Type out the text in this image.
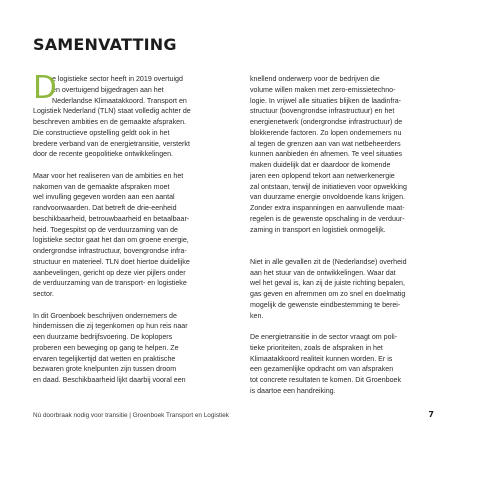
SAMENVATTING
D
e logistieke sector heeft in 2019 overtuigd
en overtuigend bijgedragen aan het
Nederlandse Klimaatakkoord. Transport en
Logistiek Nederland (TLN) staat volledig achter de
beschreven ambities en de gemaakte afspraken.
Die constructieve opstelling geldt ook in het
bredere verband van de energietransitie, versterkt
door de recente geopolitieke ontwikkelingen.
Maar voor het realiseren van de ambities en het
nakomen van de gemaakte afspraken moet
wel invulling gegeven worden aan een aantal
randvoorwaarden. Dat betreft de drie-eenheid
beschikbaarheid, betrouwbaarheid en betaalbaar-
heid. Toegespitst op de verduurzaming van de
logistieke sector gaat het dan om groene energie,
ondergrondse infrastructuur, bovengrondse infra-
structuur en materieel. TLN doet hiertoe duidelijke
aanbevelingen, gericht op deze vier pijlers onder
de verduurzaming van de transport- en logistieke
sector.
In dit Groenboek beschrijven ondernemers de
hindernissen die zij tegenkomen op hun reis naar
een duurzame bedrijfsvoering. De koplopers
proberen een beweging op gang te helpen. Ze
ervaren tegelijkertijd dat wetten en praktische
bezwaren grote knelpunten zijn tussen droom
en daad. Beschikbaarheid lijkt daarbij vooral een
knellend onderwerp voor de bedrijven die
volume willen maken met zero-emissietechno-
logie. In vrijwel alle situaties blijken de laadinfra-
structuur (bovengrondse infrastructuur) en het
energienetwerk (ondergrondse infrastructuur) de
blokkerende factoren. Zo lopen ondernemers nu
al tegen de grenzen aan van wat netbeheerders
kunnen aanbieden én afnemen. Te veel situaties
maken duidelijk dat er daardoor de komende
jaren een oplopend tekort aan netwerkenergie
zal ontstaan, terwijl de initiatieven voor opwekking
van duurzame energie onvoldoende kans krijgen.
Zonder extra inspanningen en aanvullende maat-
regelen is de gewenste opschaling in de verduur-
zaming in transport en logistiek onmogelijk.
Niet in alle gevallen zit de (Nederlandse) overheid
aan het stuur van de ontwikkelingen. Waar dat
wel het geval is, kan zij de juiste richting bepalen,
gas geven en afremmen om zo snel en doelmatig
mogelijk de gewenste eindbestemming te berei-
ken.
De energietransitie in de sector vraagt om poli-
tieke prioriteiten, zoals de afspraken in het
Klimaatakkoord realiteit kunnen worden. Er is
een gezamenlijke opdracht om van afspraken
tot concrete resultaten te komen. Dit Groenboek
is daartoe een handreiking.
Nú doorbraak nodig voor transitie | Groenboek Transport en Logistiek	7
